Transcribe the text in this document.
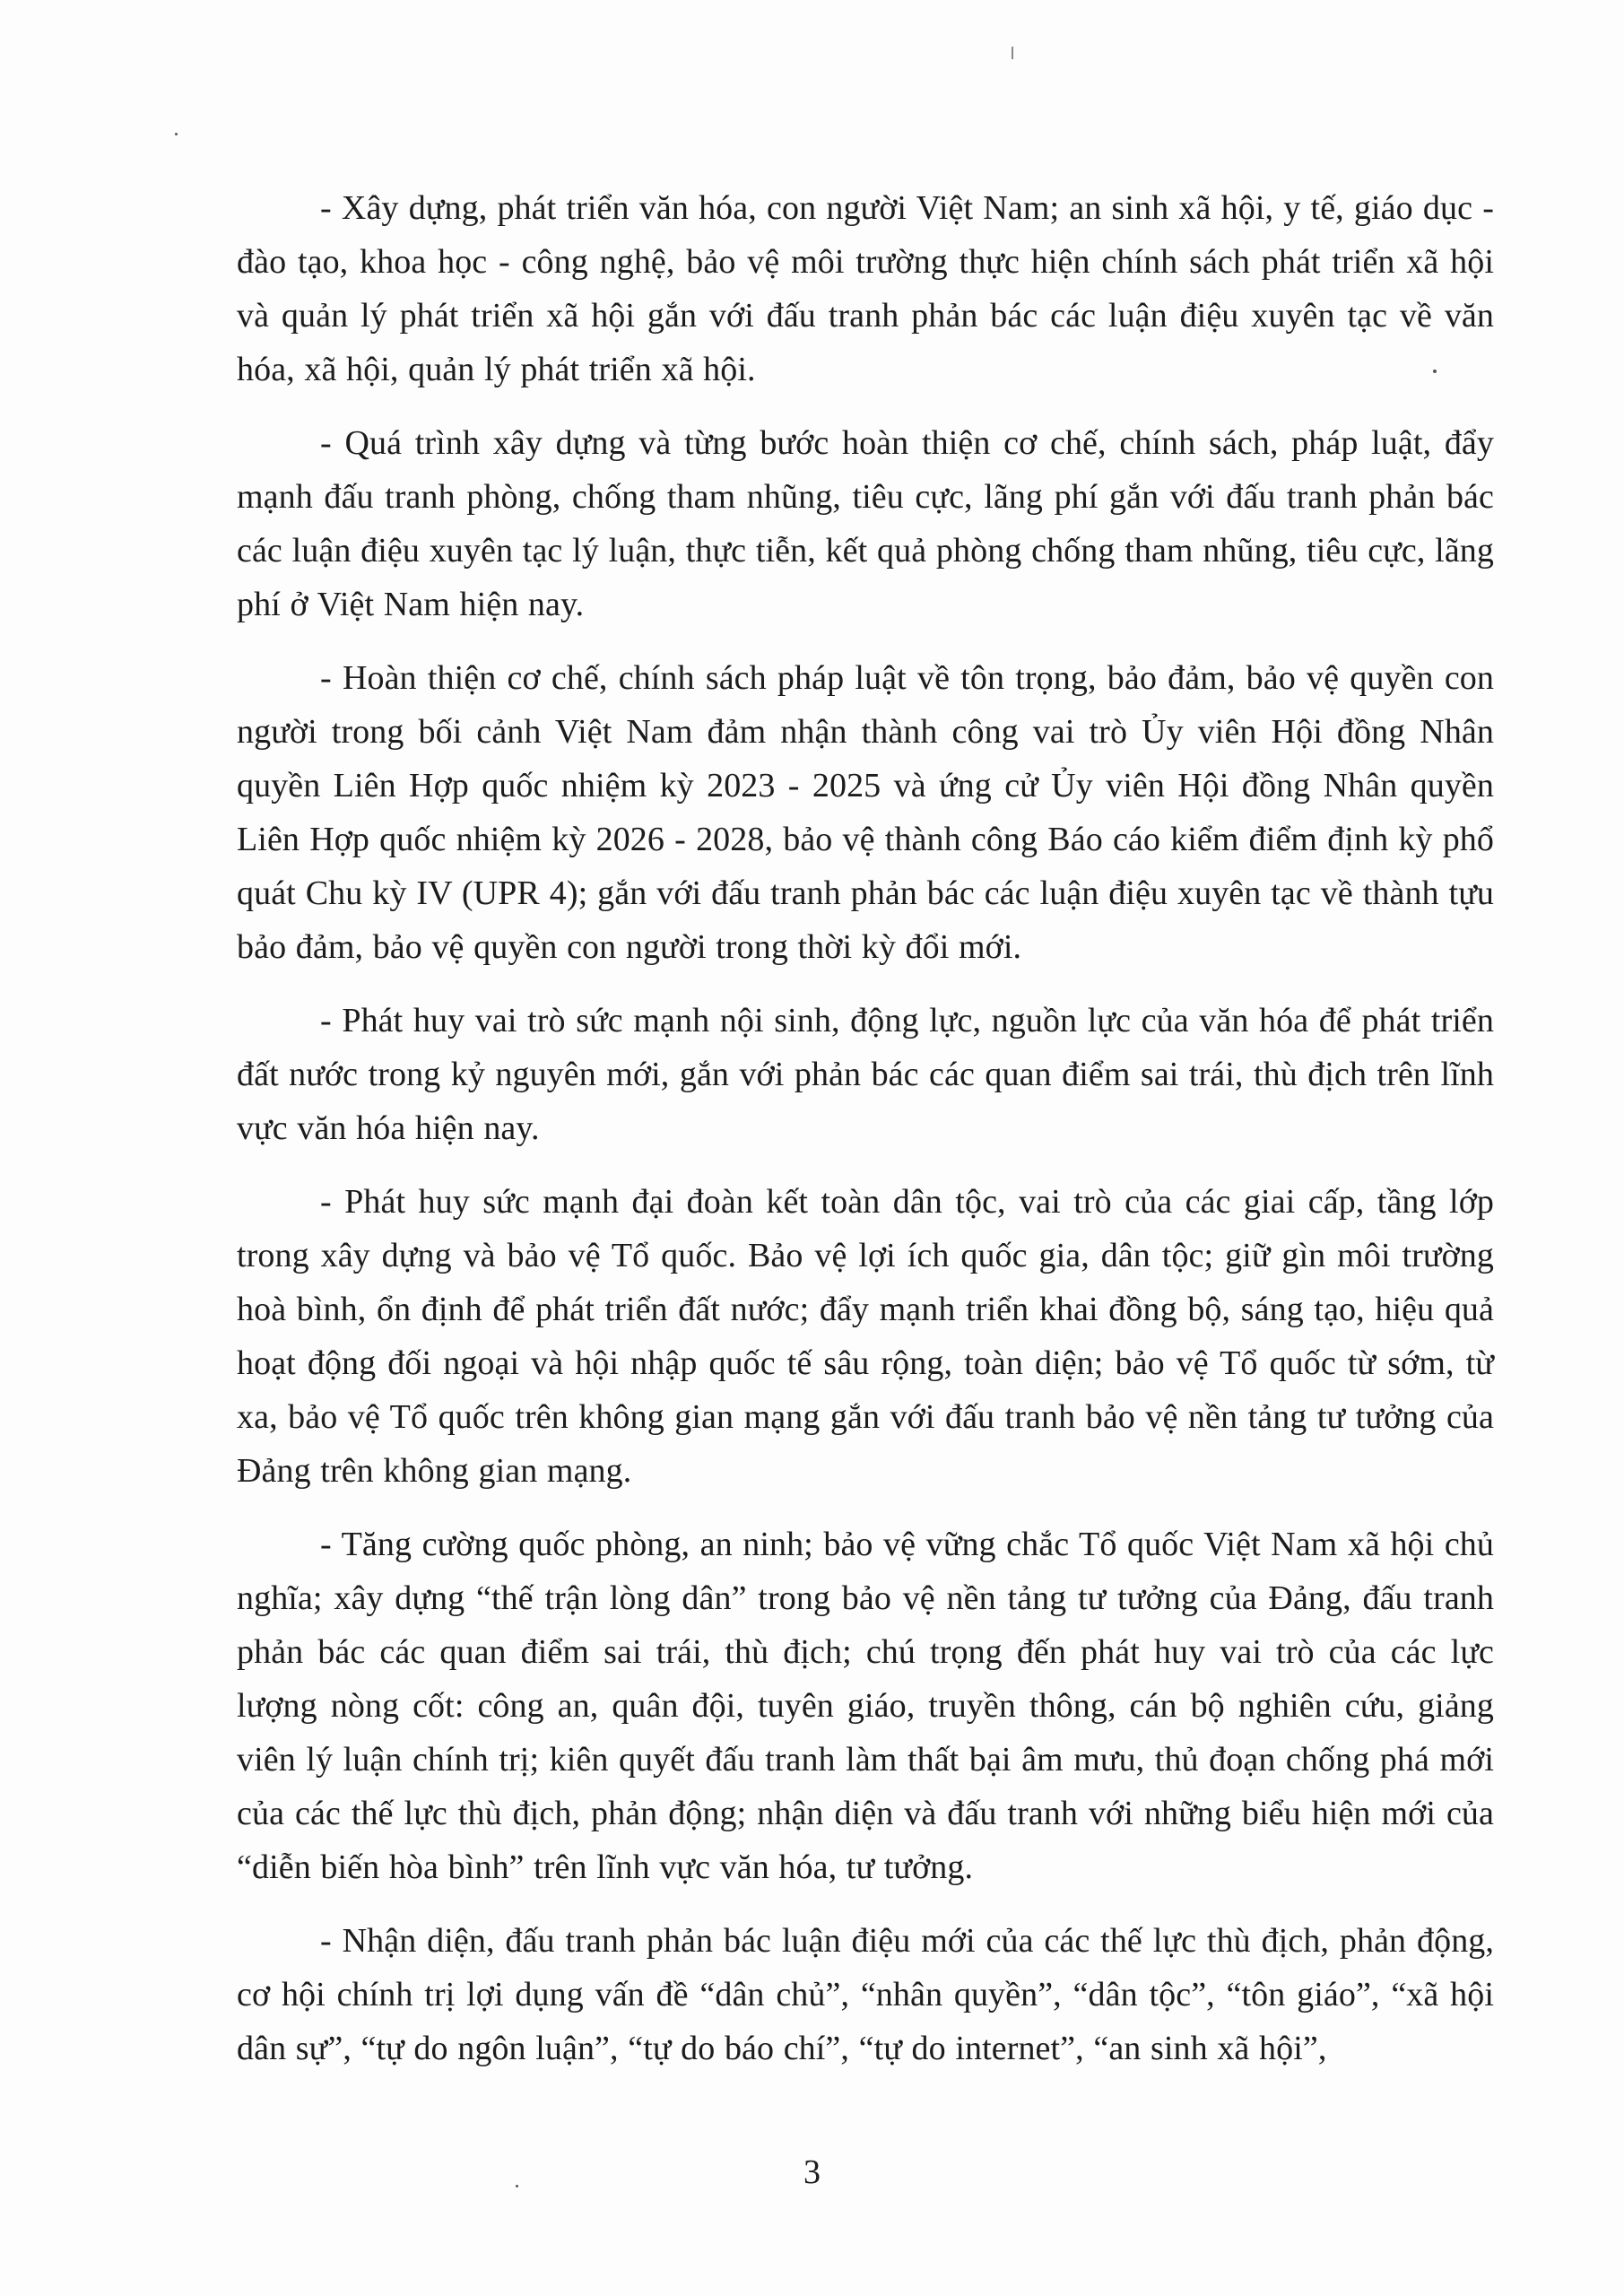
- Xây dựng, phát triển văn hóa, con người Việt Nam; an sinh xã hội, y tế, giáo dục - đào tạo, khoa học - công nghệ, bảo vệ môi trường thực hiện chính sách phát triển xã hội và quản lý phát triển xã hội gắn với đấu tranh phản bác các luận điệu xuyên tạc về văn hóa, xã hội, quản lý phát triển xã hội.

- Quá trình xây dựng và từng bước hoàn thiện cơ chế, chính sách, pháp luật, đẩy mạnh đấu tranh phòng, chống tham nhũng, tiêu cực, lãng phí gắn với đấu tranh phản bác các luận điệu xuyên tạc lý luận, thực tiễn, kết quả phòng chống tham nhũng, tiêu cực, lãng phí ở Việt Nam hiện nay.

- Hoàn thiện cơ chế, chính sách pháp luật về tôn trọng, bảo đảm, bảo vệ quyền con người trong bối cảnh Việt Nam đảm nhận thành công vai trò Ủy viên Hội đồng Nhân quyền Liên Hợp quốc nhiệm kỳ 2023 - 2025 và ứng cử Ủy viên Hội đồng Nhân quyền Liên Hợp quốc nhiệm kỳ 2026 - 2028, bảo vệ thành công Báo cáo kiểm điểm định kỳ phổ quát Chu kỳ IV (UPR 4); gắn với đấu tranh phản bác các luận điệu xuyên tạc về thành tựu bảo đảm, bảo vệ quyền con người trong thời kỳ đổi mới.

- Phát huy vai trò sức mạnh nội sinh, động lực, nguồn lực của văn hóa để phát triển đất nước trong kỷ nguyên mới, gắn với phản bác các quan điểm sai trái, thù địch trên lĩnh vực văn hóa hiện nay.

- Phát huy sức mạnh đại đoàn kết toàn dân tộc, vai trò của các giai cấp, tầng lớp trong xây dựng và bảo vệ Tổ quốc. Bảo vệ lợi ích quốc gia, dân tộc; giữ gìn môi trường hoà bình, ổn định để phát triển đất nước; đẩy mạnh triển khai đồng bộ, sáng tạo, hiệu quả hoạt động đối ngoại và hội nhập quốc tế sâu rộng, toàn diện; bảo vệ Tổ quốc từ sớm, từ xa, bảo vệ Tổ quốc trên không gian mạng gắn với đấu tranh bảo vệ nền tảng tư tưởng của Đảng trên không gian mạng.

- Tăng cường quốc phòng, an ninh; bảo vệ vững chắc Tổ quốc Việt Nam xã hội chủ nghĩa; xây dựng “thế trận lòng dân” trong bảo vệ nền tảng tư tưởng của Đảng, đấu tranh phản bác các quan điểm sai trái, thù địch; chú trọng đến phát huy vai trò của các lực lượng nòng cốt: công an, quân đội, tuyên giáo, truyền thông, cán bộ nghiên cứu, giảng viên lý luận chính trị; kiên quyết đấu tranh làm thất bại âm mưu, thủ đoạn chống phá mới của các thế lực thù địch, phản động; nhận diện và đấu tranh với những biểu hiện mới của “diễn biến hòa bình” trên lĩnh vực văn hóa, tư tưởng.

- Nhận diện, đấu tranh phản bác luận điệu mới của các thế lực thù địch, phản động, cơ hội chính trị lợi dụng vấn đề “dân chủ”, “nhân quyền”, “dân tộc”, “tôn giáo”, “xã hội dân sự”, “tự do ngôn luận”, “tự do báo chí”, “tự do internet”, “an sinh xã hội”,

3
